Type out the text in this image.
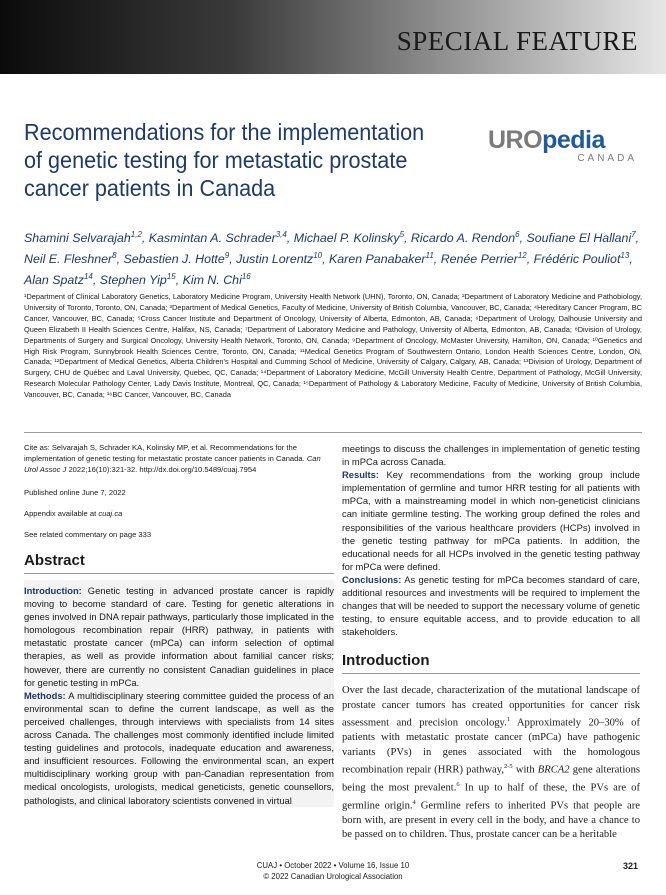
SPECIAL FEATURE
Recommendations for the implementation of genetic testing for metastatic prostate cancer patients in Canada
UROpedia
CANADA
Shamini Selvarajah$^{1,2}$, Kasmintan A. Schrader$^{3,4}$, Michael P. Kolinsky$^5$, Ricardo A. Rendon$^6$, Soufiane El Hallani$^7$, Neil E. Fleshner$^8$, Sebastien J. Hotte$^9$, Justin Lorentz$^{10}$, Karen Panabaker$^{11}$, Renée Perrier$^{12}$, Frédéric Pouliot$^{13}$, Alan Spatz$^{14}$, Stephen Yip$^{15}$, Kim N. Chi$^{16}$
¹Department of Clinical Laboratory Genetics, Laboratory Medicine Program, University Health Network (UHN), Toronto, ON, Canada; ²Department of Laboratory Medicine and Pathobiology, University of Toronto, Toronto, ON, Canada; ³Department of Medical Genetics, Faculty of Medicine, University of British Columbia, Vancouver, BC, Canada; ⁴Hereditary Cancer Program, BC Cancer, Vancouver, BC, Canada; ⁵Cross Cancer Institute and Department of Oncology, University of Alberta, Edmonton, AB, Canada; ⁶Department of Urology, Dalhousie University and Queen Elizabeth II Health Sciences Centre, Halifax, NS, Canada; ⁷Department of Laboratory Medicine and Pathology, University of Alberta, Edmonton, AB, Canada; ⁸Division of Urology, Departments of Surgery and Surgical Oncology, University Health Network, Toronto, ON, Canada; ⁹Department of Oncology, McMaster University, Hamilton, ON, Canada; ¹⁰Genetics and High Risk Program, Sunnybrook Health Sciences Centre, Toronto, ON, Canada; ¹¹Medical Genetics Program of Southwestern Ontario, London Health Sciences Centre, London, ON, Canada; ¹²Department of Medical Genetics, Alberta Children's Hospital and Cumming School of Medicine, University of Calgary, Calgary, AB, Canada; ¹³Division of Urology, Department of Surgery, CHU de Québec and Laval University, Quebec, QC, Canada; ¹⁴Department of Laboratory Medicine, McGill University Health Centre, Department of Pathology, McGill University, Research Molecular Pathology Center, Lady Davis Institute, Montreal, QC, Canada; ¹⁵Department of Pathology & Laboratory Medicine, Faculty of Medicine, University of British Columbia, Vancouver, BC, Canada; ¹⁶BC Cancer, Vancouver, BC, Canada

Cite as: Selvarajah S, Schrader KA, Kolinsky MP, et al. Recommendations for the implementation of genetic testing for metastatic prostate cancer patients in Canada. Can Urol Assoc J 2022;16(10):321-32. http://dx.doi.org/10.5489/cuaj.7954

Published online June 7, 2022

Appendix available at cuaj.ca

See related commentary on page 333

Abstract

Introduction: Genetic testing in advanced prostate cancer is rapidly moving to become standard of care. Testing for genetic alterations in genes involved in DNA repair pathways, particularly those implicated in the homologous recombination repair (HRR) pathway, in patients with metastatic prostate cancer (mPCa) can inform selection of optimal therapies, as well as provide information about familial cancer risks; however, there are currently no consistent Canadian guidelines in place for genetic testing in mPCa.

Methods: A multidisciplinary steering committee guided the process of an environmental scan to define the current landscape, as well as the perceived challenges, through interviews with specialists from 14 sites across Canada. The challenges most commonly identified include limited testing guidelines and protocols, inadequate education and awareness, and insufficient resources. Following the environmental scan, an expert multidisciplinary working group with pan-Canadian representation from medical oncologists, urologists, medical geneticists, genetic counsellors, pathologists, and clinical laboratory scientists convened in virtual

meetings to discuss the challenges in implementation of genetic testing in mPCa across Canada.

Results: Key recommendations from the working group include implementation of germline and tumor HRR testing for all patients with mPCa, with a mainstreaming model in which non-geneticist clinicians can initiate germline testing. The working group defined the roles and responsibilities of the various healthcare providers (HCPs) involved in the genetic testing pathway for mPCa patients. In addition, the educational needs for all HCPs involved in the genetic testing pathway for mPCa were defined.

Conclusions: As genetic testing for mPCa becomes standard of care, additional resources and investments will be required to implement the changes that will be needed to support the necessary volume of genetic testing, to ensure equitable access, and to provide education to all stakeholders.

Introduction

Over the last decade, characterization of the mutational landscape of prostate cancer tumors has created opportunities for cancer risk assessment and precision oncology.$^1$ Approximately 20–30% of patients with metastatic prostate cancer (mPCa) have pathogenic variants (PVs) in genes associated with the homologous recombination repair (HRR) pathway,$^{2-5}$ with BRCA2 gene alterations being the most prevalent.$^6$ In up to half of these, the PVs are of germline origin.$^4$ Germline refers to inherited PVs that people are born with, are present in every cell in the body, and have a chance to be passed on to children. Thus, prostate cancer can be a heritable

CUAJ • October 2022 • Volume 16, Issue 10
© 2022 Canadian Urological Association
321
